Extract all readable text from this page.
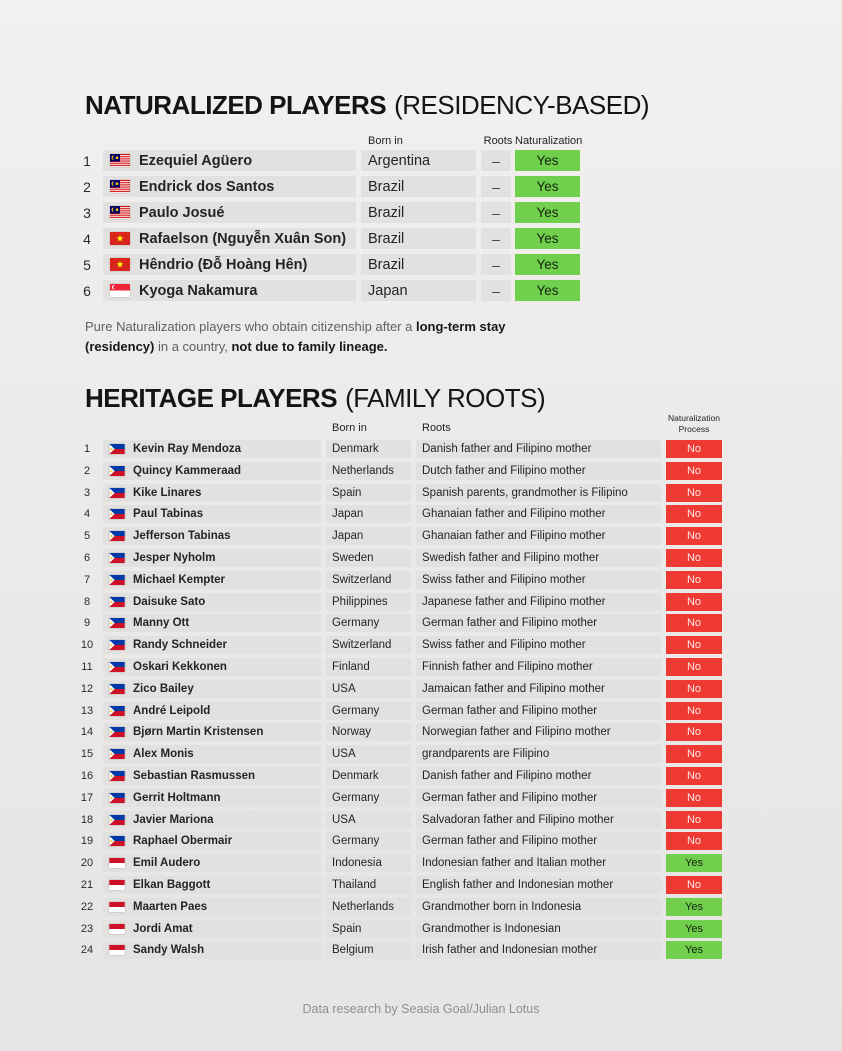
NATURALIZED PLAYERS (RESIDENCY-BASED)
Born in	Roots Naturalization
1	Ezequiel Agüero	Argentina	–	Yes
2	Endrick dos Santos	Brazil	–	Yes
3	Paulo Josué	Brazil	–	Yes
4	Rafaelson (Nguyễn Xuân Son)	Brazil	–	Yes
5	Hêndrio (Đỗ Hoàng Hên)	Brazil	–	Yes
6	Kyoga Nakamura	Japan	–	Yes
Pure Naturalization players who obtain citizenship after a long-term stay (residency) in a country, not due to family lineage.
HERITAGE PLAYERS (FAMILY ROOTS)
Born in	Roots
Naturalization Process
1	Kevin Ray Mendoza	Denmark	Danish father and Filipino mother	No
2	Quincy Kammeraad	Netherlands	Dutch father and Filipino mother	No
3	Kike Linares	Spain	Spanish parents, grandmother is Filipino	No
4	Paul Tabinas	Japan	Ghanaian father and Filipino mother	No
5	Jefferson Tabinas	Japan	Ghanaian father and Filipino mother	No
6	Jesper Nyholm	Sweden	Swedish father and Filipino mother	No
7	Michael Kempter	Switzerland	Swiss father and Filipino mother	No
8	Daisuke Sato	Philippines	Japanese father and Filipino mother	No
9	Manny Ott	Germany	German father and Filipino mother	No
10	Randy Schneider	Switzerland	Swiss father and Filipino mother	No
11	Oskari Kekkonen	Finland	Finnish father and Filipino mother	No
12	Zico Bailey	USA	Jamaican father and Filipino mother	No
13	André Leipold	Germany	German father and Filipino mother	No
14	Bjørn Martin Kristensen	Norway	Norwegian father and Filipino mother	No
15	Alex Monis	USA	grandparents are Filipino	No
16	Sebastian Rasmussen	Denmark	Danish father and Filipino mother	No
17	Gerrit Holtmann	Germany	German father and Filipino mother	No
18	Javier Mariona	USA	Salvadoran father and Filipino mother	No
19	Raphael Obermair	Germany	German father and Filipino mother	No
20	Emil Audero	Indonesia	Indonesian father and Italian mother	Yes
21	Elkan Baggott	Thailand	English father and Indonesian mother	No
22	Maarten Paes	Netherlands	Grandmother born in Indonesia	Yes
23	Jordi Amat	Spain	Grandmother is Indonesian	Yes
24	Sandy Walsh	Belgium	Irish father and Indonesian mother	Yes
Data research by Seasia Goal/Julian Lotus
